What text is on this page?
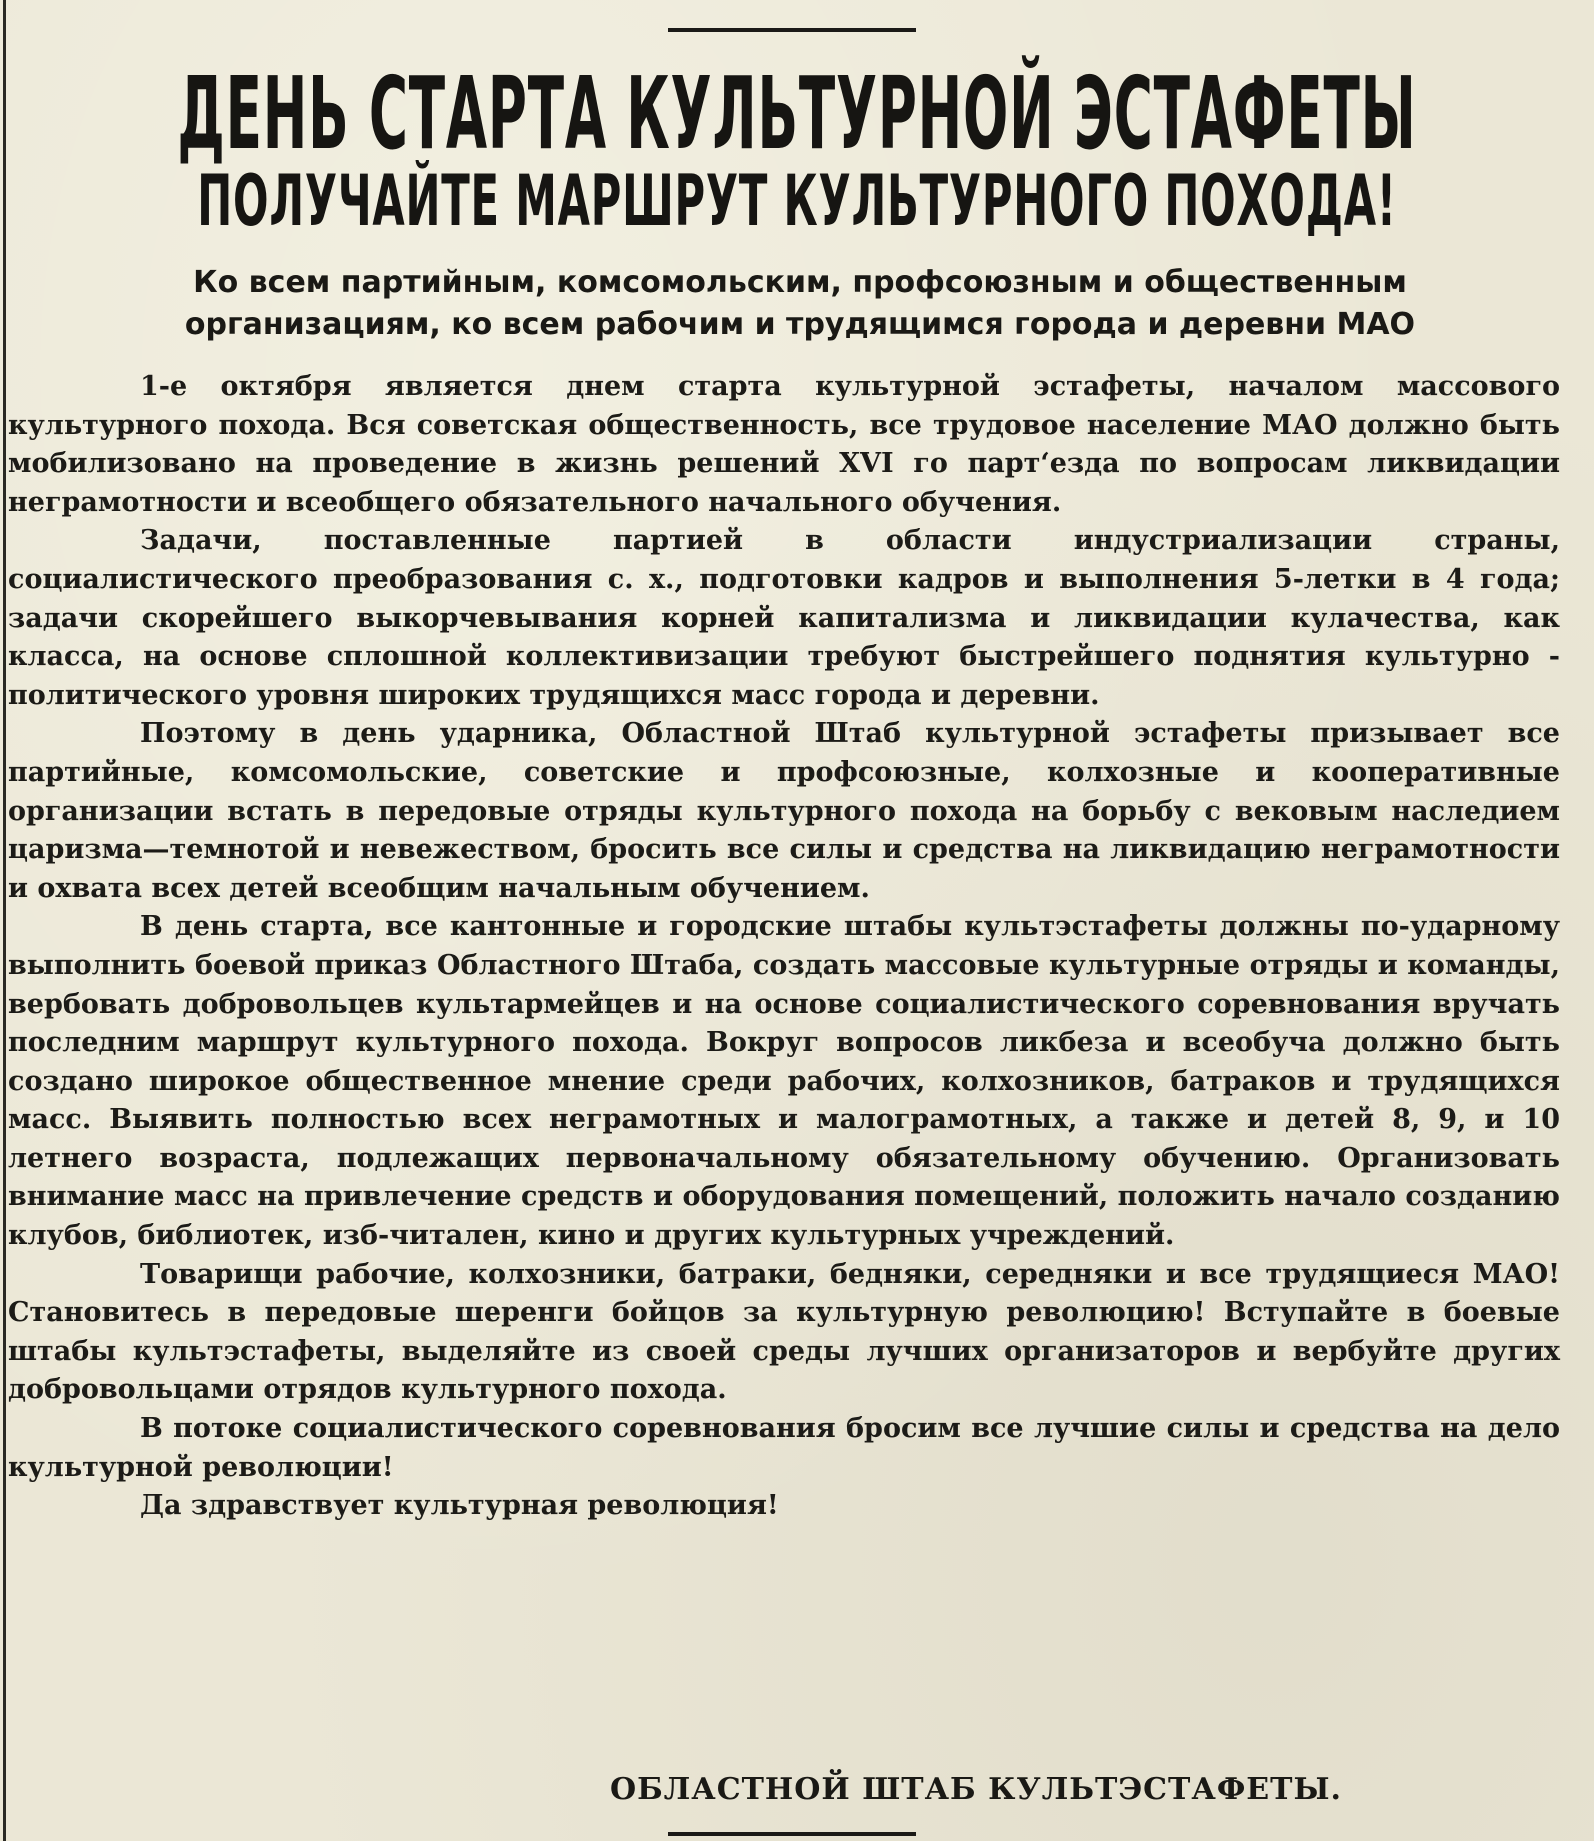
ДЕНЬ СТАРТА КУЛЬТУРНОЙ ЭСТАФЕТЫ
ПОЛУЧАЙТЕ МАРШРУТ КУЛЬТУРНОГО ПОХОДА!
Ко всем партийным, комсомольским, профсоюзным и общественным
организациям, ко всем рабочим и трудящимся города и деревни МАО

1-е октября является днем старта культурной эстафеты, началом массового культурного похода. Вся советская общественность, все трудовое население МАО должно быть мобилизовано на проведение в жизнь решений XVI го парт‘езда по вопросам ликвидации неграмотности и всеобщего обязательного начального обучения.

Задачи, поставленные партией в области индустриализации страны, социалистического преобразования с. х., подготовки кадров и выполнения 5-летки в 4 года; задачи скорейшего выкорчевывания корней капитализма и ликвидации кулачества, как класса, на основе сплошной коллективизации требуют быстрейшего поднятия культурно - политического уровня широких трудящихся масс города и деревни.

Поэтому в день ударника, Областной Штаб культурной эстафеты призывает все партийные, комсомольские, советские и профсоюзные, колхозные и кооперативные организации встать в передовые отряды культурного похода на борьбу с вековым наследием царизма—темнотой и невежеством, бросить все силы и средства на ликвидацию неграмотности и охвата всех детей всеобщим начальным обучением.

В день старта, все кантонные и городские штабы культэстафеты должны по-ударному выполнить боевой приказ Областного Штаба, создать массовые культурные отряды и команды, вербовать добровольцев культармейцев и на основе социалистического соревнования вручать последним маршрут культурного похода. Вокруг вопросов ликбеза и всеобуча должно быть создано широкое общественное мнение среди рабочих, колхозников, батраков и трудящихся масс. Выявить полностью всех неграмотных и малограмотных, а также и детей 8, 9, и 10 летнего возраста, подлежащих первоначальному обязательному обучению. Организовать внимание масс на привлечение средств и оборудования помещений, положить начало созданию клубов, библиотек, изб-читален, кино и других культурных учреждений.

Товарищи рабочие, колхозники, батраки, бедняки, середняки и все трудящиеся МАО! Становитесь в передовые шеренги бойцов за культурную революцию! Вступайте в боевые штабы культэстафеты, выделяйте из своей среды лучших организаторов и вербуйте других добровольцами отрядов культурного похода.

В потоке социалистического соревнования бросим все лучшие силы и средства на дело культурной революции!

Да здравствует культурная революция!

ОБЛАСТНОЙ ШТАБ КУЛЬТЭСТАФЕТЫ.
